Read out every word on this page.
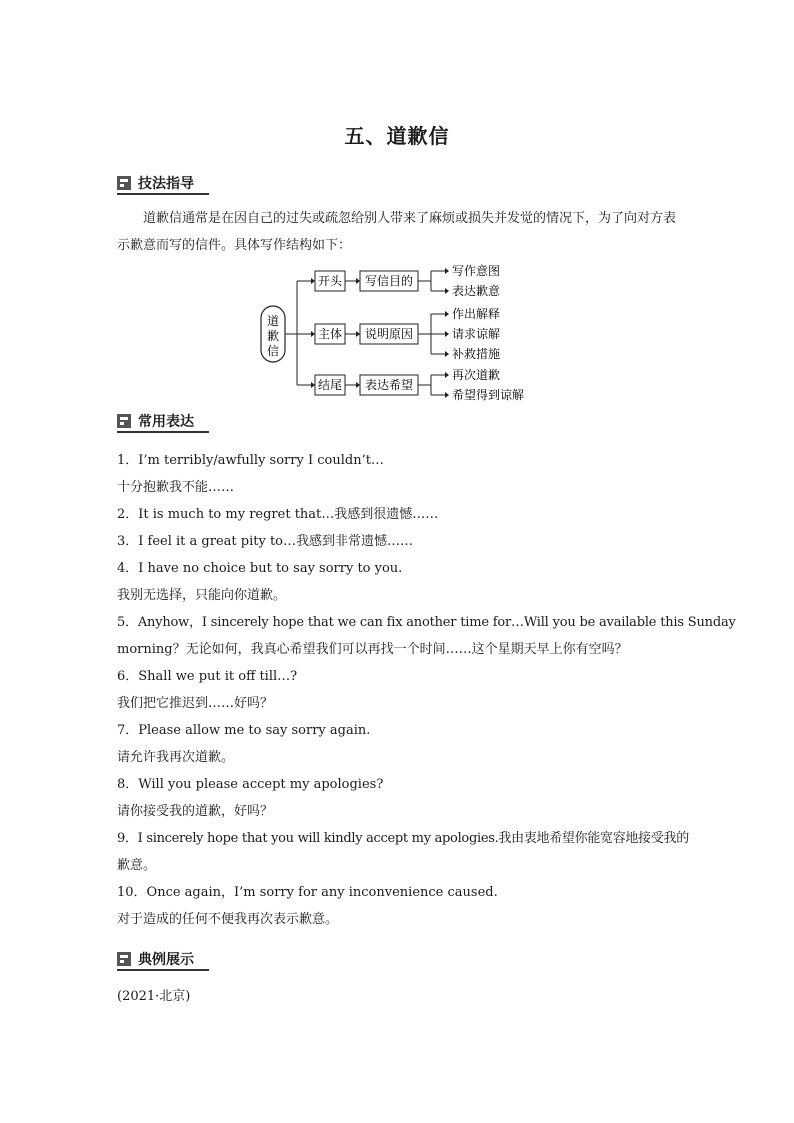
五、道歉信
技法指导
道歉信通常是在因自己的过失或疏忽给别人带来了麻烦或损失并发觉的情况下，为了向对方表示歉意而写的信件。具体写作结构如下：
道
歉
信
开头
主体
结尾
写信目的
说明原因
表达希望
写作意图
表达歉意
作出解释
请求谅解
补救措施
再次道歉
希望得到谅解
常用表达
1．I’m terribly/awfully sorry I couldn’t…
十分抱歉我不能……
2．It is much to my regret that…我感到很遗憾……
3．I feel it a great pity to…我感到非常遗憾……
4．I have no choice but to say sorry to you.
我别无选择，只能向你道歉。
5．Anyhow，I sincerely hope that we can fix another time for…Will you be available this Sunday
morning？无论如何，我真心希望我们可以再找一个时间……这个星期天早上你有空吗？
6．Shall we put it off till…?
我们把它推迟到……好吗？
7．Please allow me to say sorry again.
请允许我再次道歉。
8．Will you please accept my apologies?
请你接受我的道歉，好吗？
9．I sincerely hope that you will kindly accept my apologies.我由衷地希望你能宽容地接受我的
歉意。
10．Once again，I’m sorry for any inconvenience caused.
对于造成的任何不便我再次表示歉意。
典例展示
(2021·北京)
